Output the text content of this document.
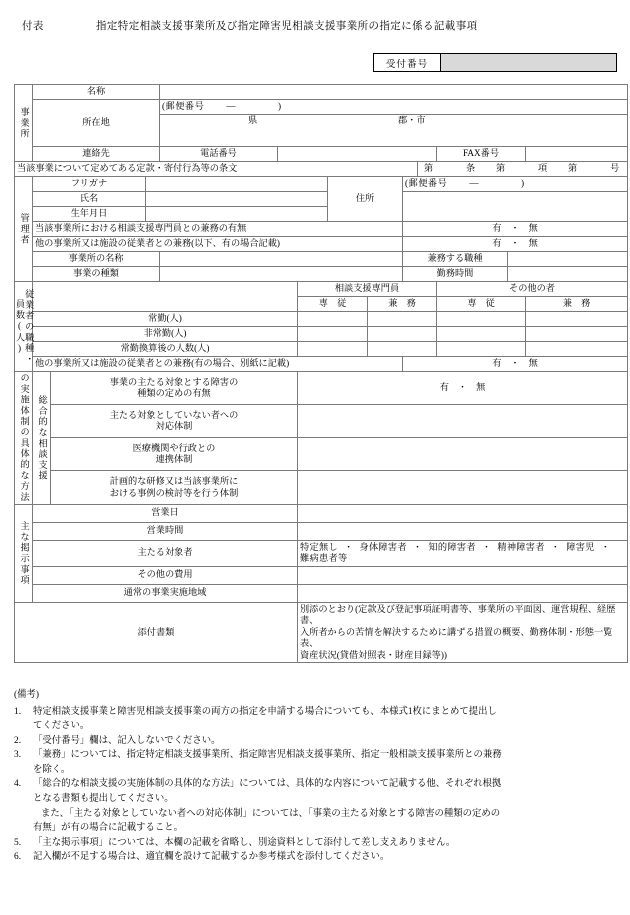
付表	指定特定相談支援事業所及び指定障害児相談支援事業所の指定に係る記載事項
受付番号
事業所	名称												
	所在地			(郵便番号 — )									

				県 郡・市									

	連絡先			電話番号							FAX番号		
当該事業について定めてある定款・寄付行為等の条文	第	条	第	項	第	号

管理者	フリガナ						住所		(郵便番号 — )				
	氏名												
	生年月日												
	当該事業所における相談支援専門員との兼務の有無								有 ・ 無				
	他の事業所又は施設の従業者との兼務(以下、有の場合記載)								有 ・ 無				
	事業所の名称								兼務する職種				
	事業の種類								勤務時間				

従業者の職種・
員数(人)						相談支援専門員					その他の者		
						専　従		兼　務			専　従		兼　務
	常勤(人)												
	非常勤(人)												
	常勤換算後の人数(人)												
	他の事業所又は施設の従業者との兼務(有の場合、別紙に記載)								有 ・ 無				

の実施体制の具体的な方法	総合的な相談支援	事業の主たる対象とする障害の
種類の定めの有無				有 ・ 無							

		主たる対象としていない者への
対応体制											

		医療機関や行政との
連携体制											

		計画的な研修又は当該事業所に
おける事例の検討等を行う体制											

主な掲示事項	営業日												
	営業時間												
	主たる対象者					特定無し ・ 身体障害者 ・ 知的障害者 ・ 精神障害者 ・ 障害児 ・難病患者等							
	その他の費用												
	通常の事業実施地域												
添付書類						別添のとおり(定款及び登記事項証明書等、事業所の平面図、運営規程、経歴書、
入所者からの苦情を解決するために講ずる措置の概要、勤務体制・形態一覧表、
資産状況(貸借対照表・財産目録等))							
(備考)
1.	特定相談支援事業と障害児相談支援事業の両方の指定を申請する場合についても、本様式1枚にまとめて提出し

てください。

2.	「受付番号」欄は、記入しないでください。

3.	「兼務」については、指定特定相談支援事業所、指定障害児相談支援事業所、指定一般相談支援事業所との兼務

を除く。

4.	「総合的な相談支援の実施体制の具体的な方法」については、具体的な内容について記載する他、それぞれ根拠

となる書類も提出してください。

また、「主たる対象としていない者への対応体制」については、「事業の主たる対象とする障害の種類の定めの

有無」が有の場合に記載すること。

5.	「主な掲示事項」については、本欄の記載を省略し、別途資料として添付して差し支えありません。

6.	記入欄が不足する場合は、適宜欄を設けて記載するか参考様式を添付してください。
